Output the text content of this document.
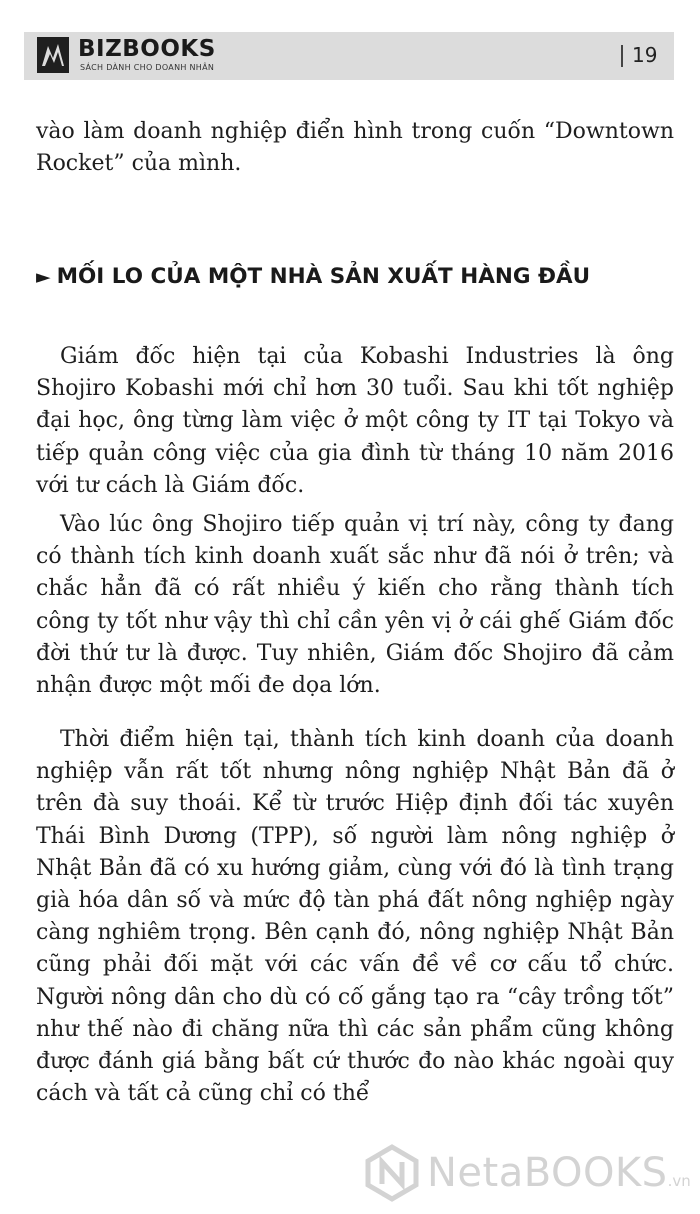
BIZBOOKS
SÁCH DÀNH CHO DOANH NHÂN
19

vào làm doanh nghiệp điển hình trong cuốn “Downtown Rocket” của mình.

► MỐI LO CỦA MỘT NHÀ SẢN XUẤT HÀNG ĐẦU

Giám đốc hiện tại của Kobashi Industries là ông Shojiro Kobashi mới chỉ hơn 30 tuổi. Sau khi tốt nghiệp đại học, ông từng làm việc ở một công ty IT tại Tokyo và tiếp quản công việc của gia đình từ tháng 10 năm 2016 với tư cách là Giám đốc.

Vào lúc ông Shojiro tiếp quản vị trí này, công ty đang có thành tích kinh doanh xuất sắc như đã nói ở trên; và chắc hẳn đã có rất nhiều ý kiến cho rằng thành tích công ty tốt như vậy thì chỉ cần yên vị ở cái ghế Giám đốc đời thứ tư là được. Tuy nhiên, Giám đốc Shojiro đã cảm nhận được một mối đe dọa lớn.

Thời điểm hiện tại, thành tích kinh doanh của doanh nghiệp vẫn rất tốt nhưng nông nghiệp Nhật Bản đã ở trên đà suy thoái. Kể từ trước Hiệp định đối tác xuyên Thái Bình Dương (TPP), số người làm nông nghiệp ở Nhật Bản đã có xu hướng giảm, cùng với đó là tình trạng già hóa dân số và mức độ tàn phá đất nông nghiệp ngày càng nghiêm trọng. Bên cạnh đó, nông nghiệp Nhật Bản cũng phải đối mặt với các vấn đề về cơ cấu tổ chức. Người nông dân cho dù có cố gắng tạo ra “cây trồng tốt” như thế nào đi chăng nữa thì các sản phẩm cũng không được đánh giá bằng bất cứ thước đo nào khác ngoài quy cách và tất cả cũng chỉ có thể

NetaBOOKS.vn
